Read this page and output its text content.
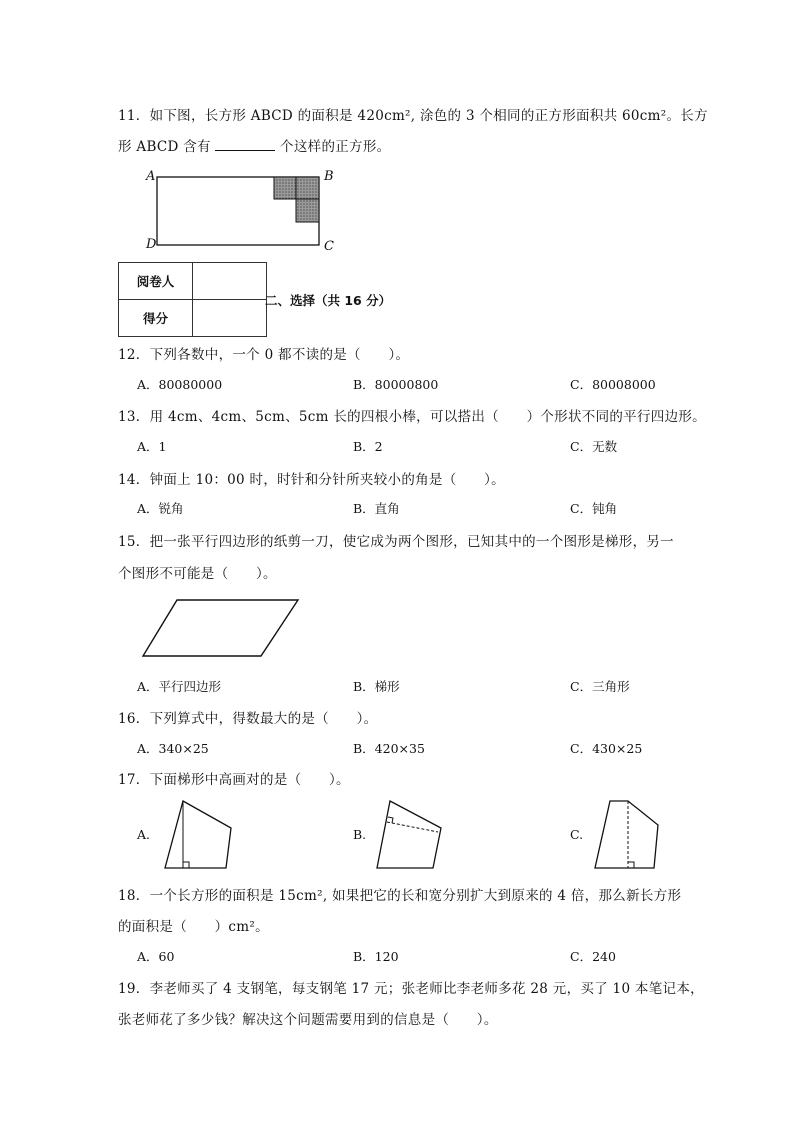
11．如下图，长方形 ABCD 的面积是 420cm², 涂色的 3 个相同的正方形面积共 60cm²。长方
形 ABCD 含有	个这样的正方形。
A	B
C
D
阅卷人	
得分	
二、选择（共 16 分）
12．下列各数中，一个 0 都不读的是（　　）。
A．80080000	B．80000800	C．80008000
13．用 4cm、4cm、5cm、5cm 长的四根小棒，可以搭出（　　）个形状不同的平行四边形。
A．1	B．2	C．无数
14．钟面上 10：00 时，时针和分针所夹较小的角是（　　）。
A．锐角	B．直角	C．钝角
15．把一张平行四边形的纸剪一刀，使它成为两个图形，已知其中的一个图形是梯形，另一
个图形不可能是（　　）。
A．平行四边形	B．梯形	C．三角形
16．下列算式中，得数最大的是（　　）。
A．340×25	B．420×35	C．430×25
17．下面梯形中高画对的是（　　）。
A.	B.	C.
18．一个长方形的面积是 15cm², 如果把它的长和宽分别扩大到原来的 4 倍，那么新长方形
的面积是（　　）cm²。
A．60	B．120	C．240
19．李老师买了 4 支钢笔，每支钢笔 17 元；张老师比李老师多花 28 元，买了 10 本笔记本，
张老师花了多少钱？解决这个问题需要用到的信息是（　　）。
